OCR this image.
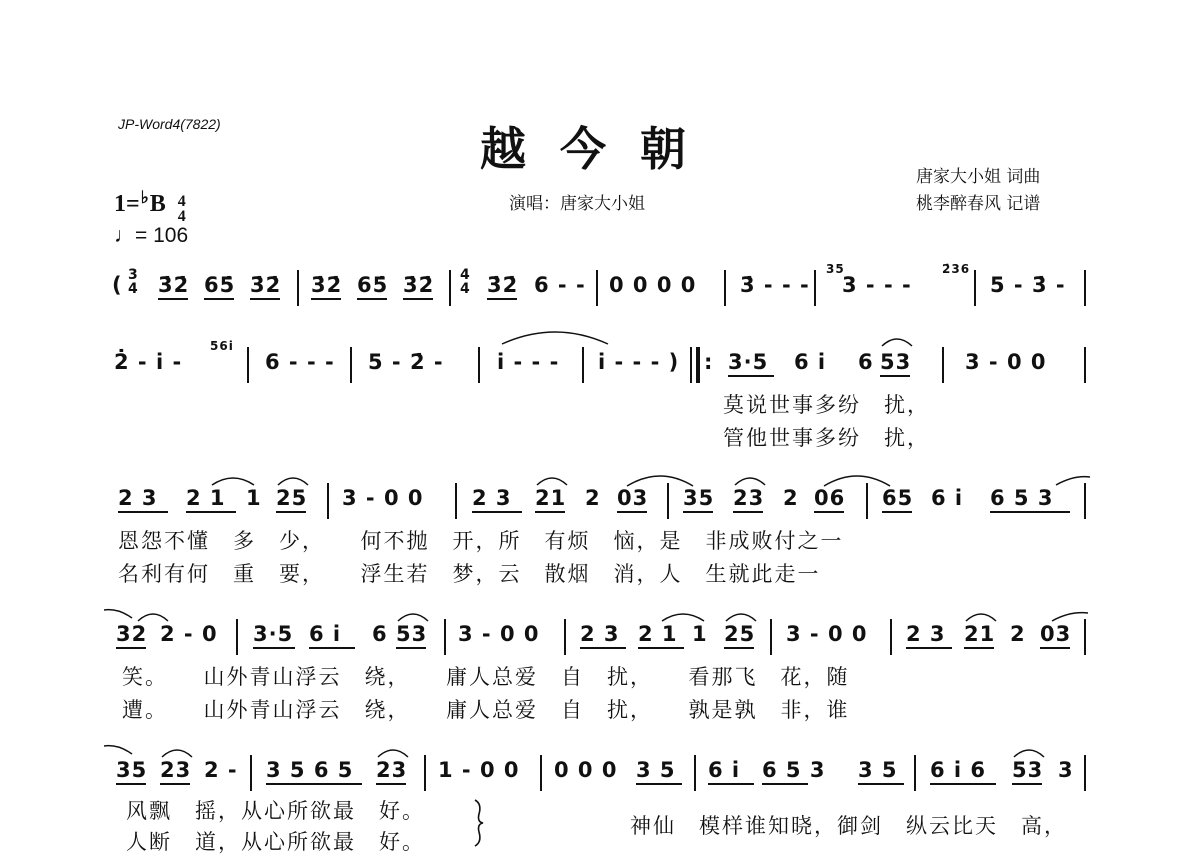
JP-Word4(7822)	越今朝
演唱：唐家大小姐
唐家大小姐 词曲
桃李醉春风 记谱
1=♭B 4
4
♩= 106
( 3
4 3̇2̇ 65̇ 3̇2̇ 3̇2̇ 65̇ 3̇2̇ 4
4 3̇2̇ 6 - - 0 0 0 0 3̇ - - -
35
3 - - -
2̇36
5 - 3̇ -
2̇ - i -
56i
6 - - - 5 - 2̇ -	i - - - i - - - ) : 3·5 6 i 6 53	3 - 0 0
莫说世事多纷　扰，
管他世事多纷　扰，
2 3 2 1 1 25 3 - 0 0 2 3 21 2 03 35 23 2 06 65 6 i 6 5 3
恩怨不懂　多　少，　　何不抛　开，所　有烦　恼，是　非成败付之一
名利有何　重　要，　　浮生若　梦，云　散烟　消，人　生就此走一
32 2 - 0 3·5 6 i 6 53 3 - 0 0 2 3 2 1 1 25 3 - 0 0 2 3 21 2 03
笑。　　山外青山浮云　绕，　　庸人总爱　自　扰，　　看那飞　花，随
遭。　　山外青山浮云　绕，　　庸人总爱　自　扰，　　孰是孰　非，谁
35 23 2 - 3 5 6 5 23 1 - 0 0 0 0 0 3 5 6 i 6 5 3 3 5 6 i 6 53 3
风飘　摇，从心所欲最　好。
人断　道，从心所欲最　好。
神仙　模样谁知晓，御剑　纵云比天　高，
